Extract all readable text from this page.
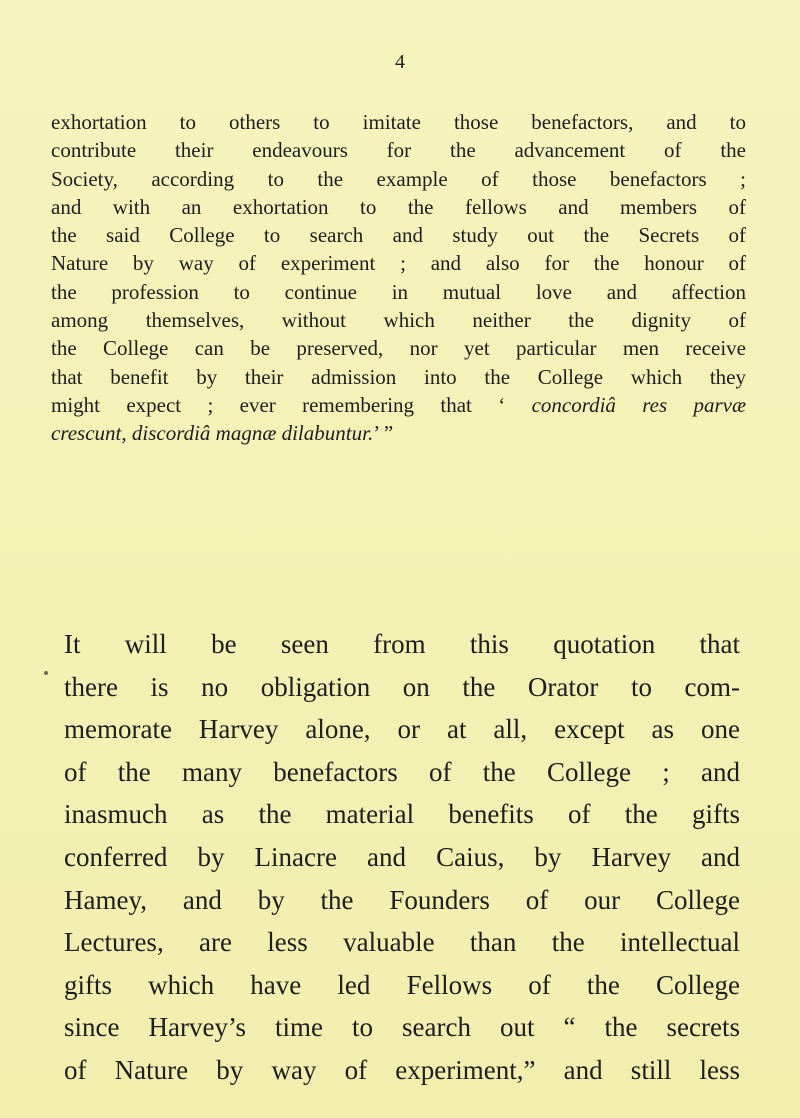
4
exhortation to others to imitate those benefactors, and to
contribute their endeavours for the advancement of the
Society, according to the example of those benefactors ;
and with an exhortation to the fellows and members of
the said College to search and study out the Secrets of
Nature by way of experiment ; and also for the honour of
the profession to continue in mutual love and affection
among themselves, without which neither the dignity of
the College can be preserved, nor yet particular men receive
that benefit by their admission into the College which they
might expect ; ever remembering that ‘ concordiâ res parvæ
crescunt, discordiâ magnæ dilabuntur.’ ”
It will be seen from this quotation that
there is no obligation on the Orator to com-
memorate Harvey alone, or at all, except as one
of the many benefactors of the College ; and
inasmuch as the material benefits of the gifts
conferred by Linacre and Caius, by Harvey and
Hamey, and by the Founders of our College
Lectures, are less valuable than the intellectual
gifts which have led Fellows of the College
since Harvey’s time to search out “ the secrets
of Nature by way of experiment,” and still less
